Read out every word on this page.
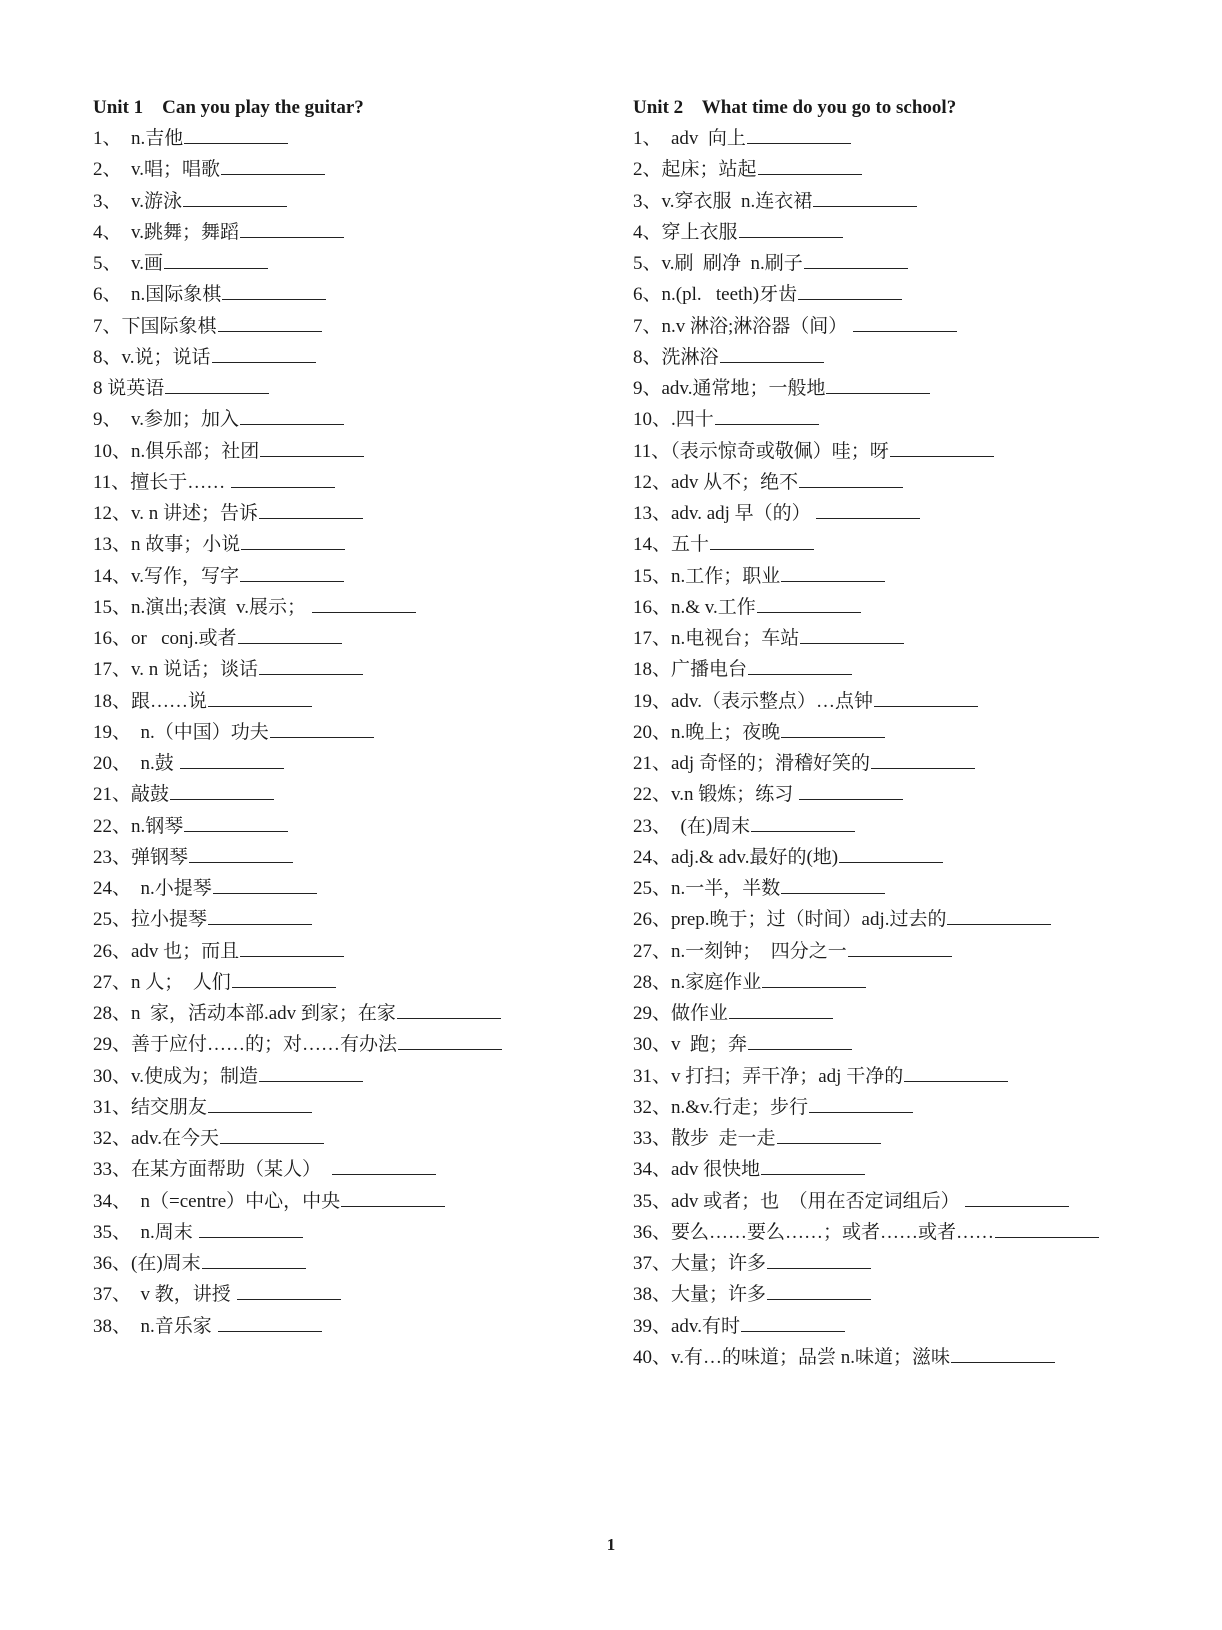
Unit 1    Can you play the guitar?
1、  n.吉他
2、  v.唱；唱歌
3、  v.游泳
4、  v.跳舞；舞蹈
5、  v.画
6、  n.国际象棋
7、下国际象棋
8、v.说；说话
8 说英语
9、  v.参加；加入
10、n.俱乐部；社团
11、擅长于……
12、v. n 讲述；告诉
13、n 故事；小说
14、v.写作，写字
15、n.演出;表演  v.展示；
16、or   conj.或者
17、v. n 说话；谈话
18、跟……说
19、  n.（中国）功夫
20、  n.鼓
21、敲鼓
22、n.钢琴
23、弹钢琴
24、  n.小提琴
25、拉小提琴
26、adv 也；而且
27、n 人；  人们
28、n  家，活动本部.adv 到家；在家
29、善于应付……的；对……有办法
30、v.使成为；制造
31、结交朋友
32、adv.在今天
33、在某方面帮助（某人）
34、  n（=centre）中心，中央
35、  n.周末
36、(在)周末
37、  v 教，讲授
38、  n.音乐家
Unit 2    What time do you go to school?
1、  adv  向上
2、起床；站起
3、v.穿衣服  n.连衣裙
4、穿上衣服
5、v.刷  刷净  n.刷子
6、n.(pl.   teeth)牙齿
7、n.v 淋浴;淋浴器（间）
8、洗淋浴
9、adv.通常地；一般地
10、.四十
11、（表示惊奇或敬佩）哇；呀
12、adv 从不；绝不
13、adv. adj 早（的）
14、五十
15、n.工作；职业
16、n.& v.工作
17、n.电视台；车站
18、广播电台
19、adv.（表示整点）…点钟
20、n.晚上；夜晚
21、adj 奇怪的；滑稽好笑的
22、v.n 锻炼；练习
23、  (在)周末
24、adj.& adv.最好的(地)
25、n.一半，半数
26、prep.晚于；过（时间）adj.过去的
27、n.一刻钟；  四分之一
28、n.家庭作业
29、做作业
30、v  跑；奔
31、v 打扫；弄干净；adj 干净的
32、n.&v.行走；步行
33、散步  走一走
34、adv 很快地
35、adv 或者；也  （用在否定词组后）
36、要么……要么……；或者……或者……
37、大量；许多
38、大量；许多
39、adv.有时
40、v.有…的味道；品尝 n.味道；滋味
1
